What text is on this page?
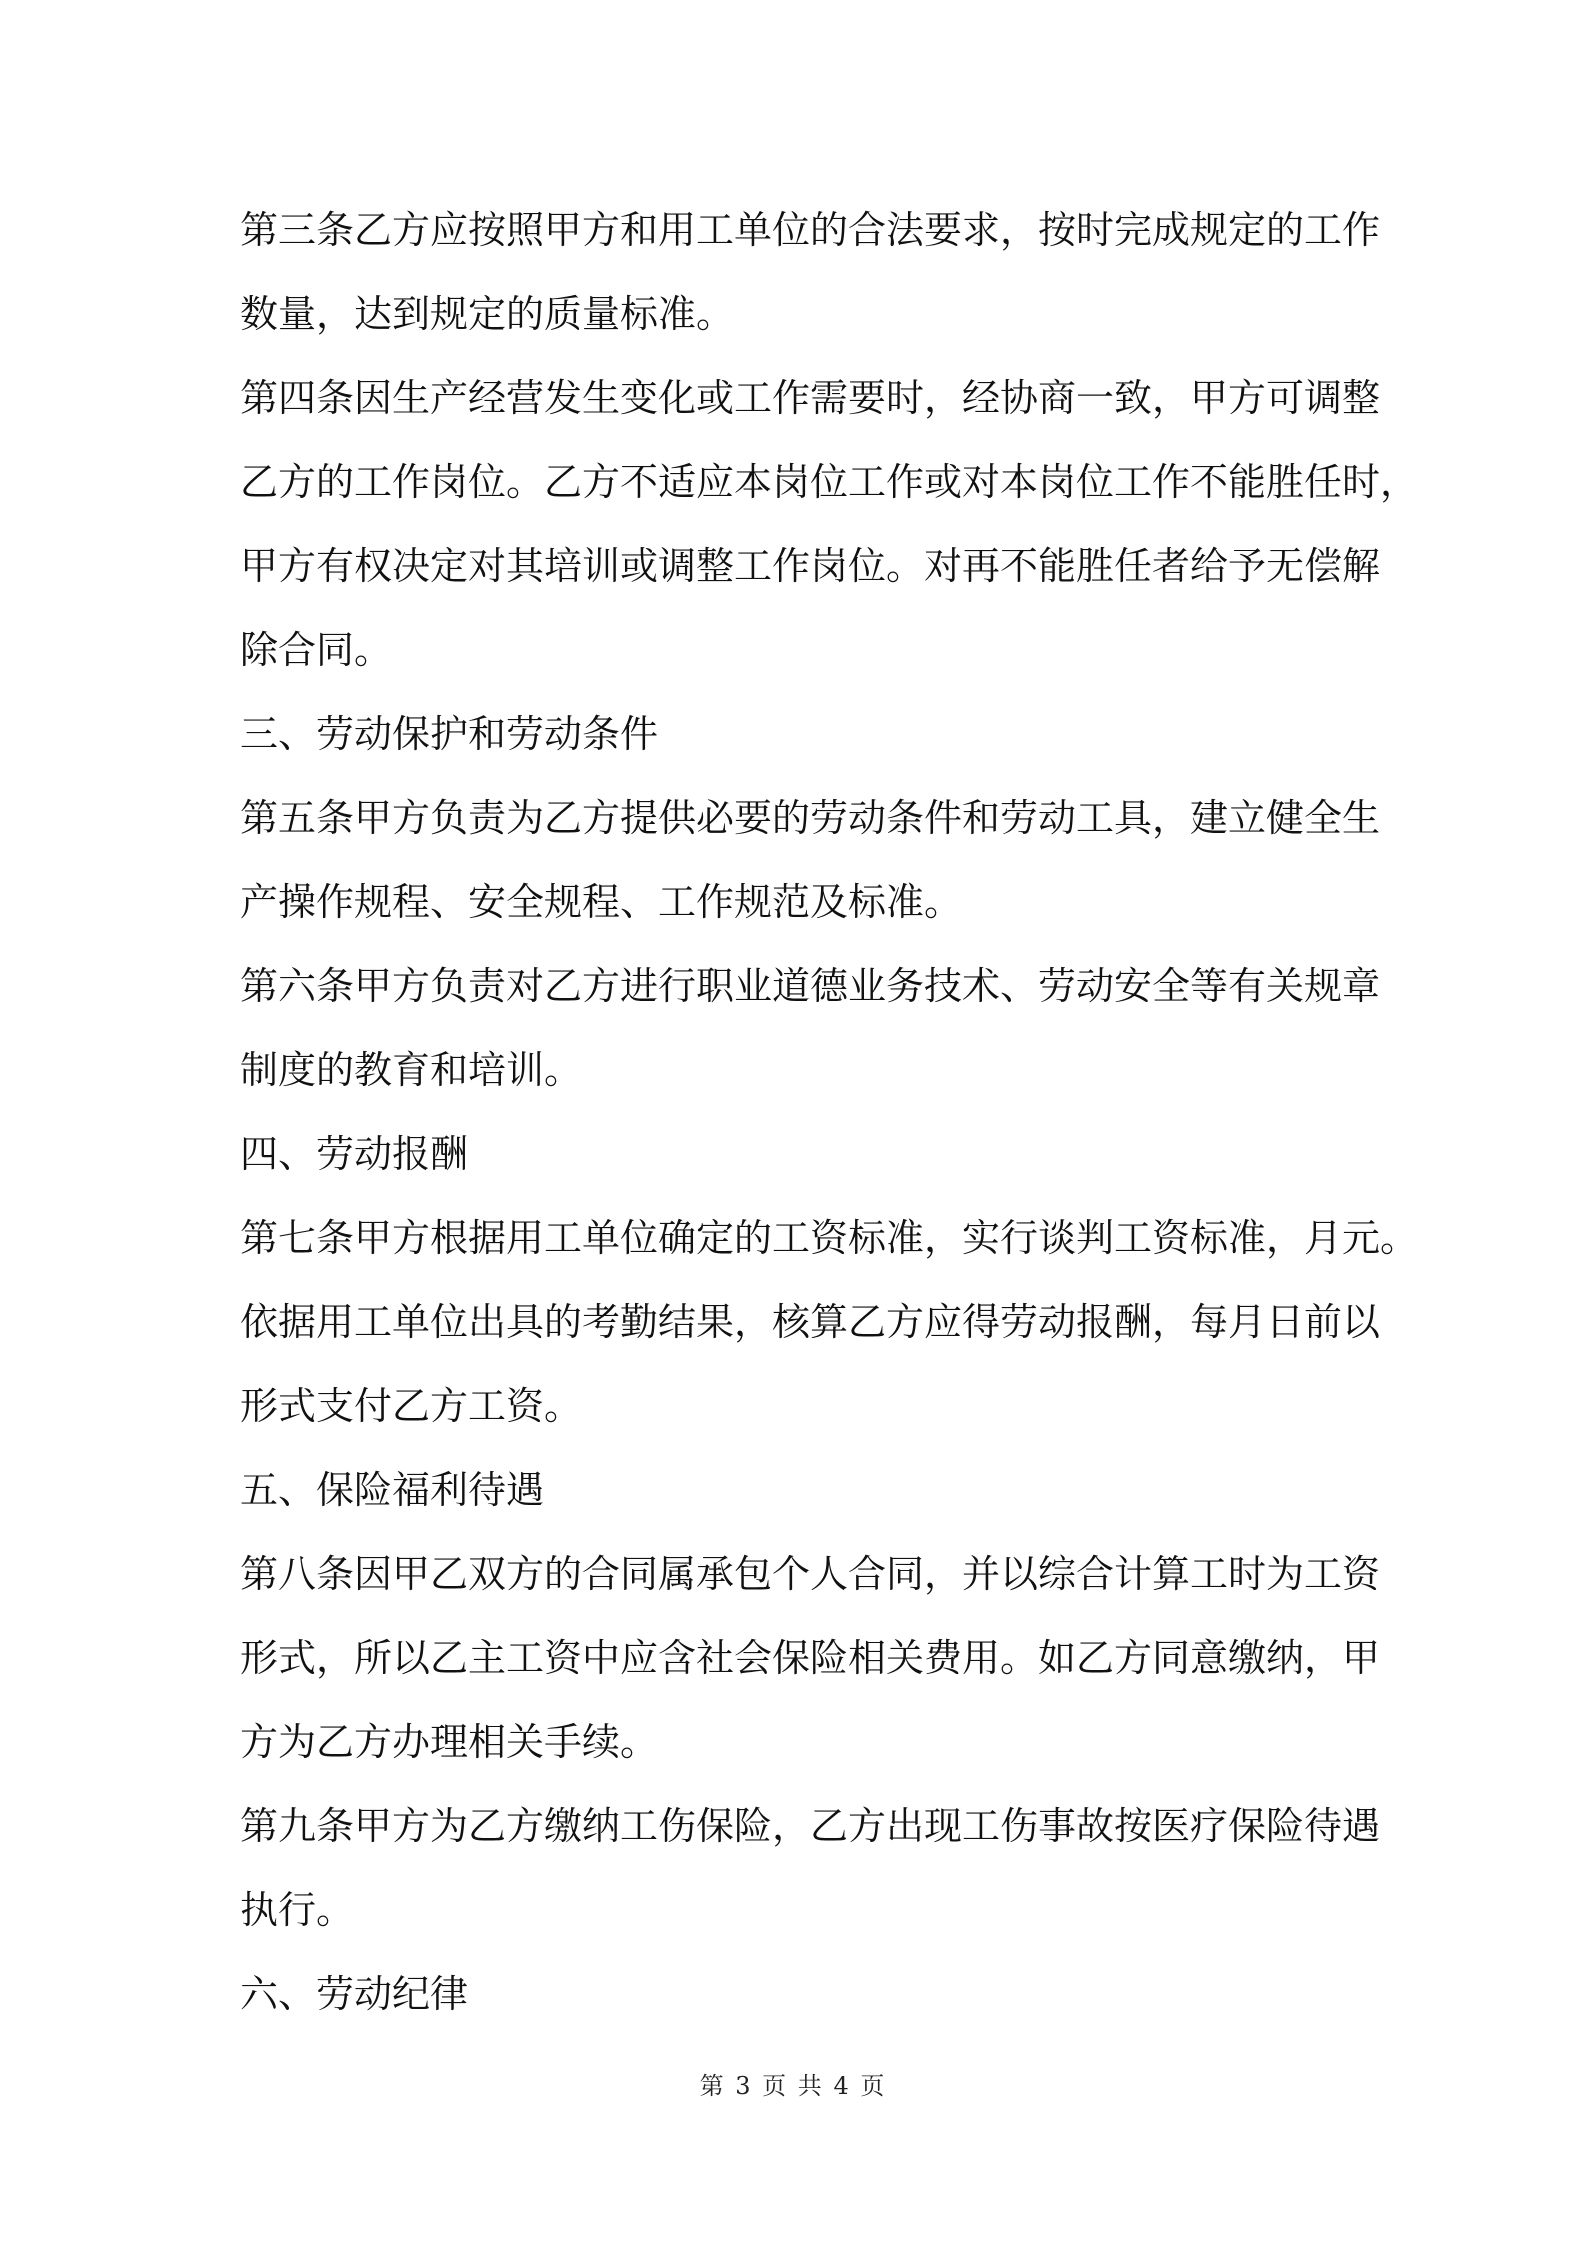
第三条乙方应按照甲方和用工单位的合法要求，按时完成规定的工作

数量，达到规定的质量标准。

第四条因生产经营发生变化或工作需要时，经协商一致，甲方可调整

乙方的工作岗位。乙方不适应本岗位工作或对本岗位工作不能胜任时，

甲方有权决定对其培训或调整工作岗位。对再不能胜任者给予无偿解

除合同。

三、劳动保护和劳动条件

第五条甲方负责为乙方提供必要的劳动条件和劳动工具，建立健全生

产操作规程、安全规程、工作规范及标准。

第六条甲方负责对乙方进行职业道德业务技术、劳动安全等有关规章

制度的教育和培训。

四、劳动报酬

第七条甲方根据用工单位确定的工资标准，实行谈判工资标准，月元。

依据用工单位出具的考勤结果，核算乙方应得劳动报酬，每月日前以

形式支付乙方工资。

五、保险福利待遇

第八条因甲乙双方的合同属承包个人合同，并以综合计算工时为工资

形式，所以乙主工资中应含社会保险相关费用。如乙方同意缴纳，甲

方为乙方办理相关手续。

第九条甲方为乙方缴纳工伤保险，乙方出现工伤事故按医疗保险待遇

执行。

六、劳动纪律

第 3 页 共 4 页
